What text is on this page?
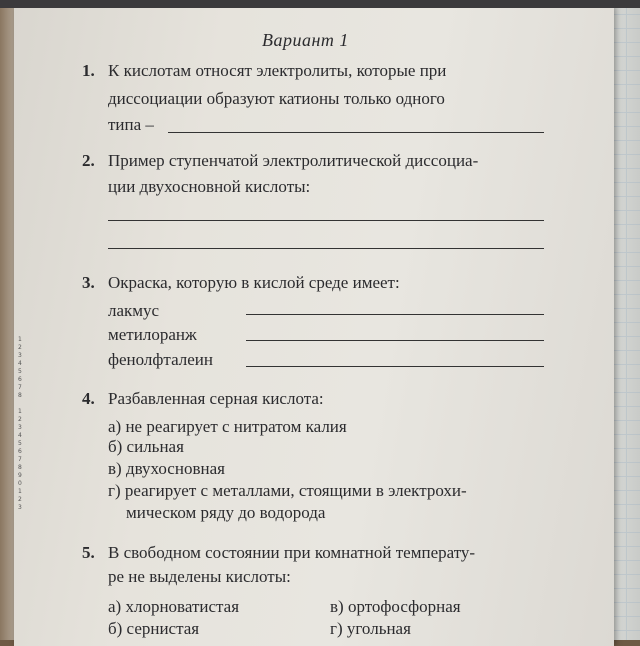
1
2
3
4
5
6
7
8

1
2
3
4
5
6
7
8
9
0
1
2
3
Вариант 1
1. К кислотам относят электролиты, которые при
диссоциации образуют катионы только одного
типа –
2. Пример ступенчатой электролитической диссоциа-
ции двухосновной кислоты:
3. Окраска, которую в кислой среде имеет:
лакмус
метилоранж
фенолфталеин
4. Разбавленная серная кислота:
а) не реагирует с нитратом калия
б) сильная
в) двухосновная
г) реагирует с металлами, стоящими в электрохи-
мическом ряду до водорода
5. В свободном состоянии при комнатной температу-
ре не выделены кислоты:
а) хлорноватистая	в) ортофосфорная
б) сернистая	г) угольная
